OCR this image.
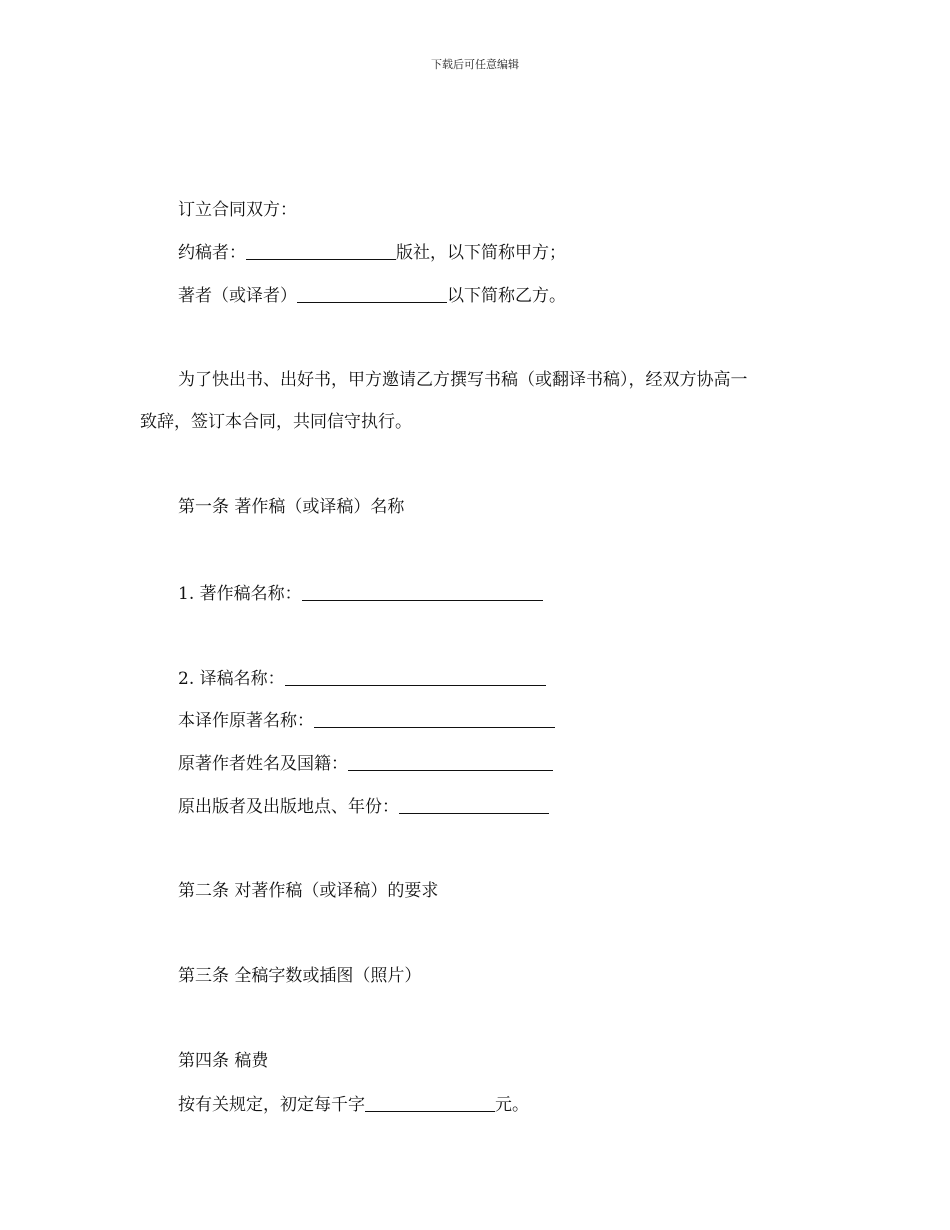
下载后可任意编辑
订立合同双方：
约稿者：	版社，以下简称甲方；
著者（或译者）	以下简称乙方。
为了快出书、出好书，甲方邀请乙方撰写书稿（或翻译书稿），经双方协高一
致辞，签订本合同，共同信守执行。
第一条 著作稿（或译稿）名称
1. 著作稿名称：
2. 译稿名称：
本译作原著名称：
原著作者姓名及国籍：
原出版者及出版地点、年份：
第二条 对著作稿（或译稿）的要求
第三条 全稿字数或插图（照片）
第四条 稿费
按有关规定，初定每千字	元。
